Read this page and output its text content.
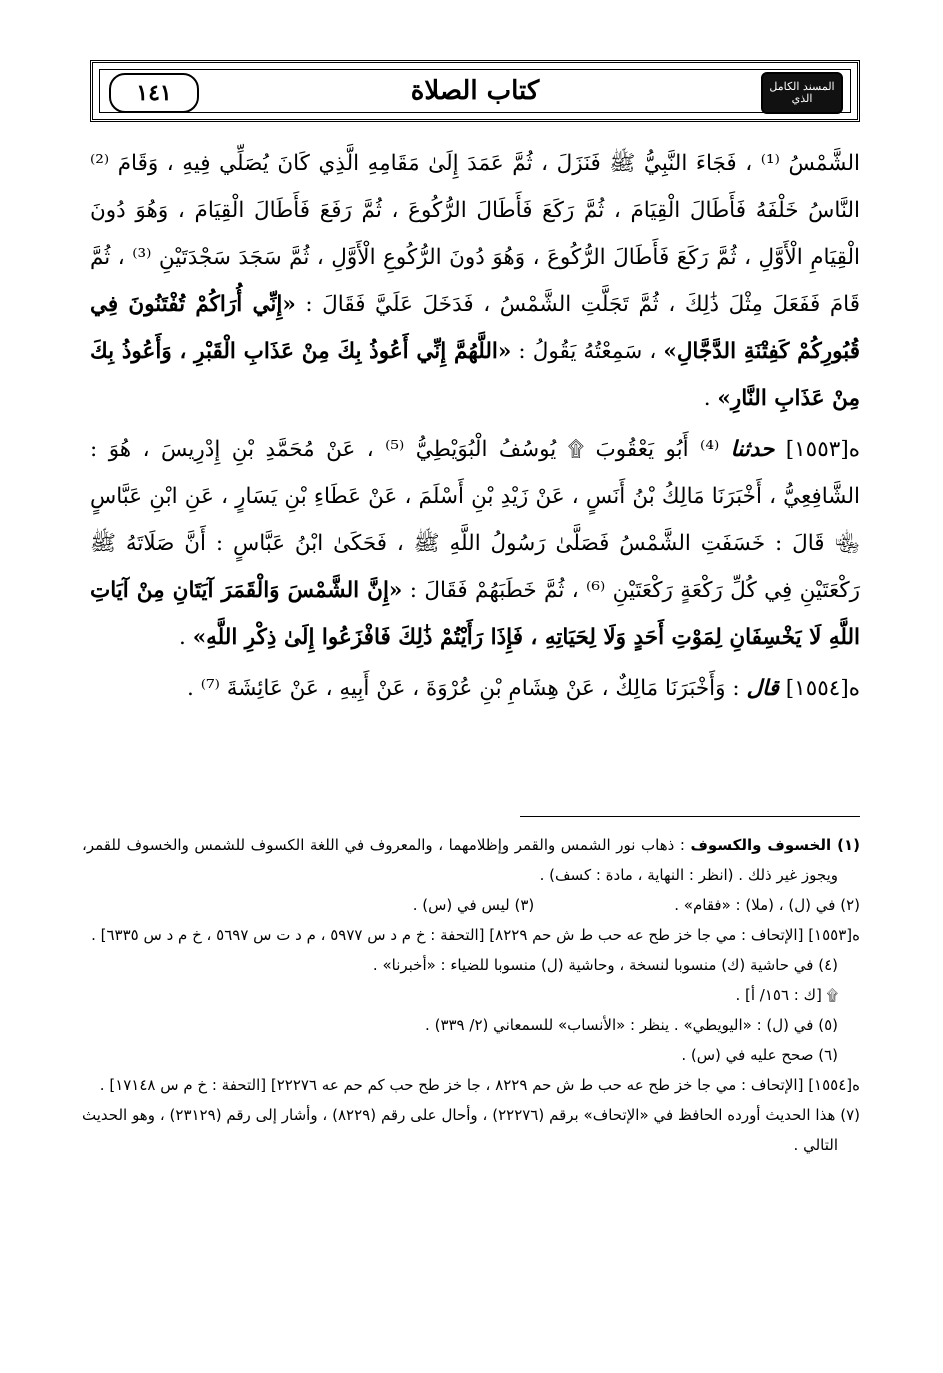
١٤١	كتاب الصلاة	المسند الكامل الذي

الشَّمْسُ ⁽¹⁾ ، فَجَاءَ النَّبِيُّ ﷺ فَنَزَلَ ، ثُمَّ عَمَدَ إِلَىٰ مَقَامِهِ الَّذِي كَانَ يُصَلِّي فِيهِ ، وَقَامَ ⁽²⁾ النَّاسُ خَلْفَهُ فَأَطَالَ الْقِيَامَ ، ثُمَّ رَكَعَ فَأَطَالَ الرُّكُوعَ ، ثُمَّ رَفَعَ فَأَطَالَ الْقِيَامَ ، وَهُوَ دُونَ الْقِيَامِ الْأَوَّلِ ، ثُمَّ رَكَعَ فَأَطَالَ الرُّكُوعَ ، وَهُوَ دُونَ الرُّكُوعِ الْأَوَّلِ ، ثُمَّ سَجَدَ سَجْدَتَيْنِ ⁽³⁾ ، ثُمَّ قَامَ فَفَعَلَ مِثْلَ ذَٰلِكَ ، ثُمَّ تَجَلَّتِ الشَّمْسُ ، فَدَخَلَ عَلَيَّ فَقَالَ : «إِنِّي أُرَاكُمْ تُفْتَنُونَ فِي قُبُورِكُمْ كَفِتْنَةِ الدَّجَّالِ» ، سَمِعْتُهُ يَقُولُ : «اللَّهُمَّ إِنِّي أَعُوذُ بِكَ مِنْ عَذَابِ الْقَبْرِ ، وَأَعُوذُ بِكَ مِنْ عَذَابِ النَّارِ» .

ە[١٥٥٣] حدثنا ⁽⁴⁾ أَبُو يَعْقُوبَ ۩ يُوسُفُ الْبُوَيْطِيُّ ⁽⁵⁾ ، عَنْ مُحَمَّدِ بْنِ إِدْرِيسَ ، هُوَ : الشَّافِعِيُّ ، أَخْبَرَنَا مَالِكُ بْنُ أَنَسٍ ، عَنْ زَيْدِ بْنِ أَسْلَمَ ، عَنْ عَطَاءِ بْنِ يَسَارٍ ، عَنِ ابْنِ عَبَّاسٍ ﵄ قَالَ : خَسَفَتِ الشَّمْسُ فَصَلَّىٰ رَسُولُ اللَّهِ ﷺ ، فَحَكَىٰ ابْنُ عَبَّاسٍ : أَنَّ صَلَاتَهُ ﷺ رَكْعَتَيْنِ فِي كُلِّ رَكْعَةٍ رَكْعَتَيْنِ ⁽⁶⁾ ، ثُمَّ خَطَبَهُمْ فَقَالَ : «إِنَّ الشَّمْسَ وَالْقَمَرَ آيَتَانِ مِنْ آيَاتِ اللَّهِ لَا يَخْسِفَانِ لِمَوْتِ أَحَدٍ وَلَا لِحَيَاتِهِ ، فَإِذَا رَأَيْتُمْ ذَٰلِكَ فَافْزَعُوا إِلَىٰ ذِكْرِ اللَّهِ» .

ە[١٥٥٤] قال : وَأَخْبَرَنَا مَالِكٌ ، عَنْ هِشَامِ بْنِ عُرْوَةَ ، عَنْ أَبِيهِ ، عَنْ عَائِشَةَ ⁽⁷⁾ .

(١) الخسوف والكسوف : ذهاب نور الشمس والقمر وإظلامهما ، والمعروف في اللغة الكسوف للشمس والخسوف للقمر، ويجوز غير ذلك . (انظر : النهاية ، مادة : كسف) .

(٢) في (ل) ، (ملا) : «فقام» .
(٣) ليس في (س) .

ە[١٥٥٣] [الإتحاف : مي جا خز طح عه حب ط ش حم ٨٢٢٩] [التحفة : خ م د س ٥٩٧٧ ، م د ت س ٥٦٩٧ ، خ م د س ٦٣٣٥] .

(٤) في حاشية (ك) منسوبا لنسخة ، وحاشية (ل) منسوبا للضياء : «أخبرنا» .

۩ [ك : ١٥٦/ أ] .

(٥) في (ل) : «اليويطي» . ينظر : «الأنساب» للسمعاني (٢/ ٣٣٩) .

(٦) صحح عليه في (س) .

ە[١٥٥٤] [الإتحاف : مي جا خز طح عه حب ط ش حم ٨٢٢٩ ، جا خز طح حب كم حم عه ٢٢٢٧٦] [التحفة : خ م س ١٧١٤٨] .

(٧) هذا الحديث أورده الحافظ في «الإتحاف» برقم (٢٢٢٧٦) ، وأحال على رقم (٨٢٢٩) ، وأشار إلى رقم (٢٣١٢٩) ، وهو الحديث التالي .
